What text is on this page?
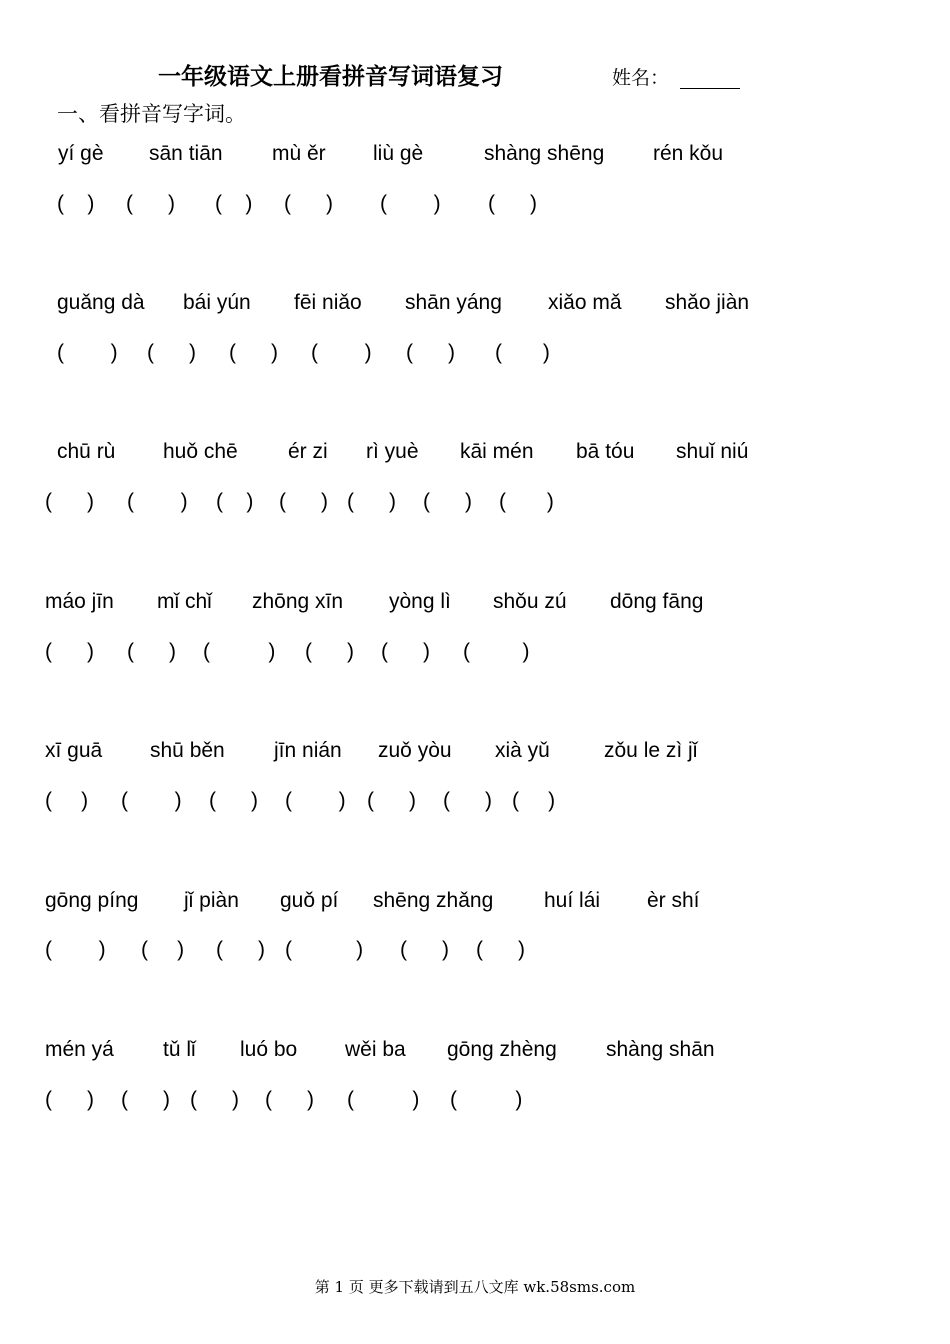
一年级语文上册看拼音写词语复习	姓名：
一、看拼音写字词。
yí gè sān tiān mù ěr liù gè	shàng shēng rén kǒu
(    ) (      ) (    ) (      ) (        ) (      )
guǎng dà bái yún fēi niǎo shān yáng xiǎo mǎ shǎo jiàn
(        ) (      ) (      ) (        ) (      ) (       )
chū rù huǒ chē ér zi rì yuè kāi mén bā tóu shuǐ niú
(      ) (        ) (    ) (      ) (      ) (      ) (       )
máo jīn mǐ chǐ zhōng xīn yòng lì shǒu zú dōng fāng
(      ) (      ) (          ) (      ) (      ) (         )
xī guā shū běn jīn nián zuǒ yòu xià yǔ	zǒu le zì jǐ
(     ) (        ) (      ) (        ) (      ) (      ) (     )
gōng píng jǐ piàn guǒ pí shēng zhǎng huí lái èr shí
(        ) (     ) (      ) (           ) (      ) (      )
mén yá tǔ lǐ luó bo wěi ba gōng zhèng shàng shān
(      ) (      ) (      ) (      ) (          ) (          )
第 1 页 更多下载请到五八文库 wk.58sms.com
